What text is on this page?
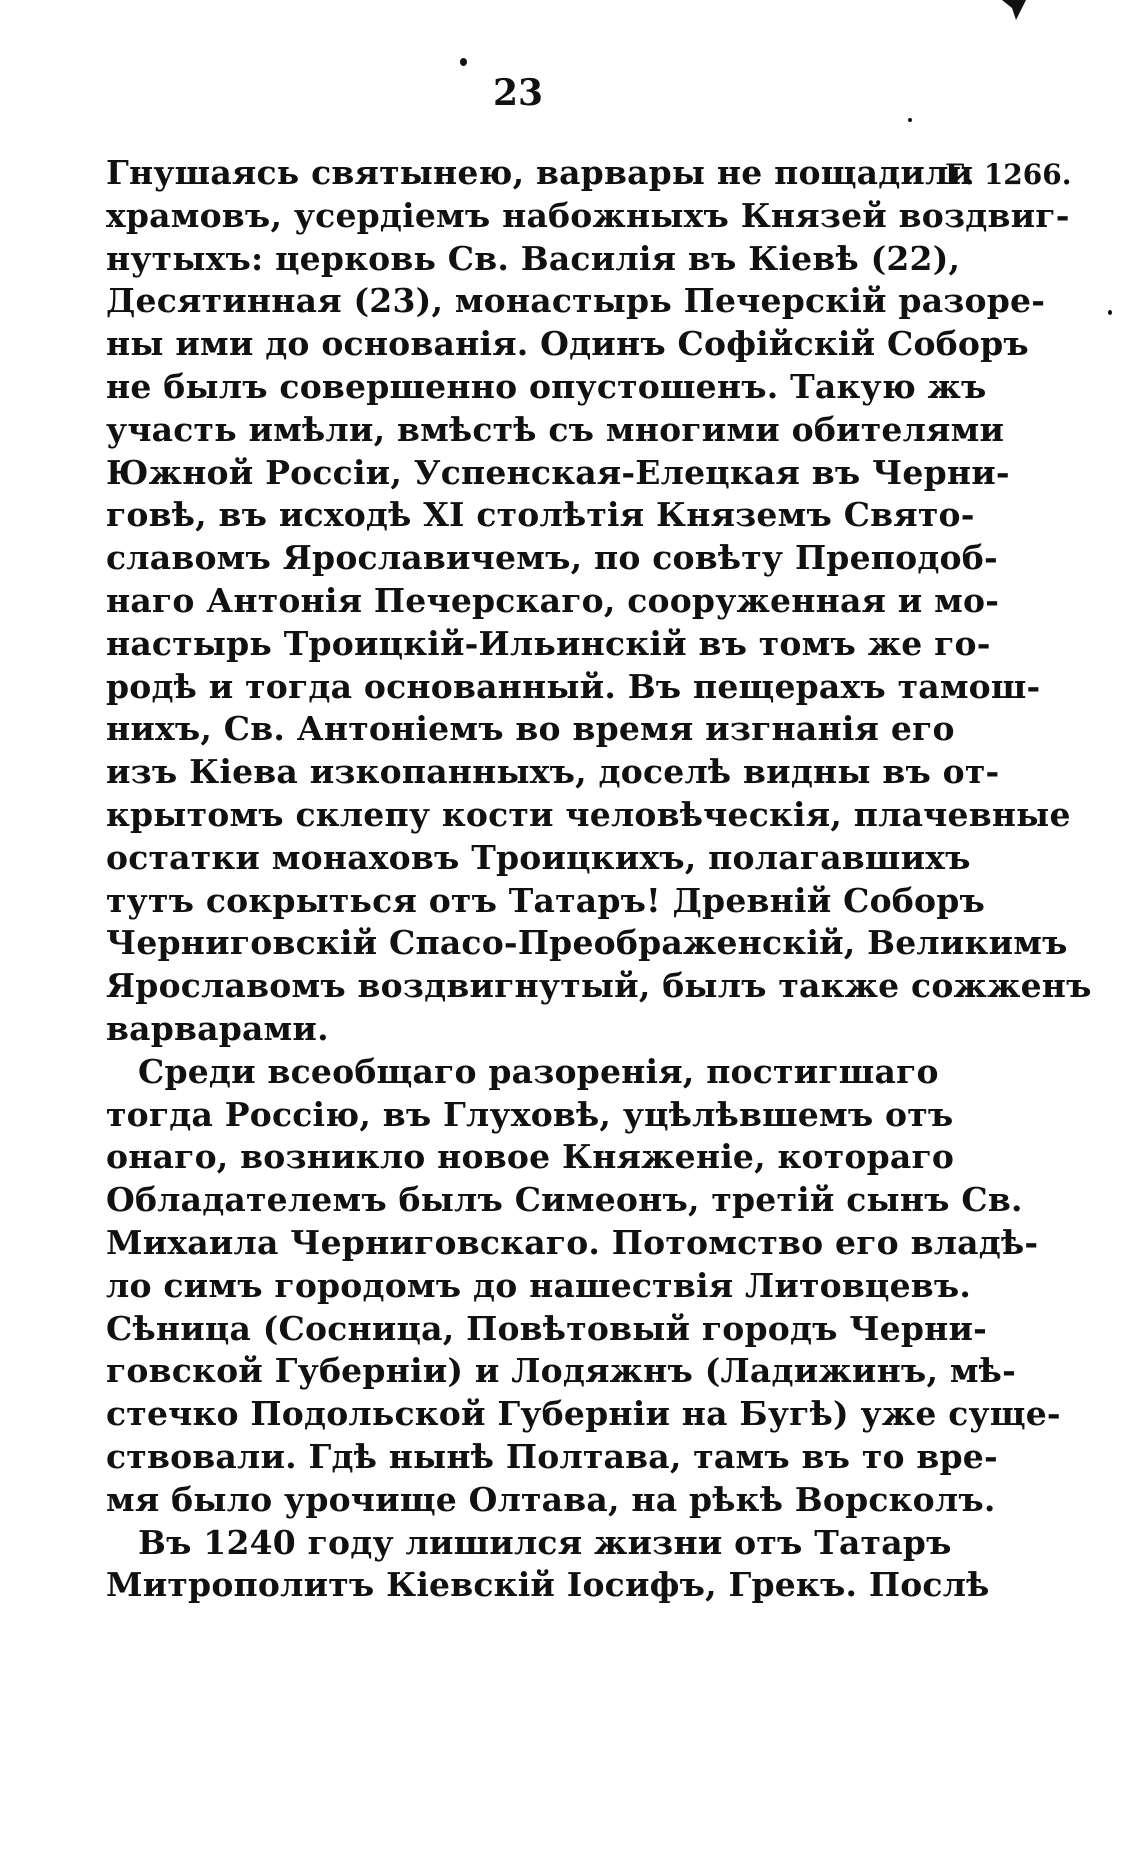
23
Г. 1266.
Гнушаясь святынею, варвары не пощадили
храмовъ, усердіемъ набожныхъ Князей воздвиг-
нутыхъ: церковь Св. Василія въ Кіевѣ (22),
Десятинная (23), монастырь Печерскій разоре-
ны ими до основанія. Одинъ Софійскій Соборъ
не былъ совершенно опустошенъ. Такую жъ
участь имѣли, вмѣстѣ съ многими обителями
Южной Россіи, Успенская-Елецкая въ Черни-
говѣ, въ исходѣ XI столѣтія Княземъ Свято-
славомъ Ярославичемъ, по совѣту Преподоб-
наго Антонія Печерскаго, сооруженная и мо-
настырь Троицкій-Ильинскій въ томъ же го-
родѣ и тогда основанный. Въ пещерахъ тамош-
нихъ, Св. Антоніемъ во время изгнанія его
изъ Кіева изкопанныхъ, доселѣ видны въ от-
крытомъ склепу кости человѣческія, плачевные
остатки монаховъ Троицкихъ, полагавшихъ
тутъ сокрыться отъ Татаръ! Древній Соборъ
Черниговскій Спасо-Преображенскій, Великимъ
Ярославомъ воздвигнутый, былъ также сожженъ
варварами.
Среди всеобщаго разоренія, постигшаго
тогда Россію, въ Глуховѣ, уцѣлѣвшемъ отъ
онаго, возникло новое Княженіе, котораго
Обладателемъ былъ Симеонъ, третій сынъ Св.
Михаила Черниговскаго. Потомство его владѣ-
ло симъ городомъ до нашествія Литовцевъ.
Сѣница (Сосница, Повѣтовый городъ Черни-
говской Губерніи) и Лодяжнъ (Ладижинъ, мѣ-
стечко Подольской Губерніи на Бугѣ) уже суще-
ствовали. Гдѣ нынѣ Полтава, тамъ въ то вре-
мя было урочище Олтава, на рѣкѣ Ворскoлъ.
Въ 1240 году лишился жизни отъ Татаръ
Митрополитъ Кіевскій Іосифъ, Грекъ. Послѣ
